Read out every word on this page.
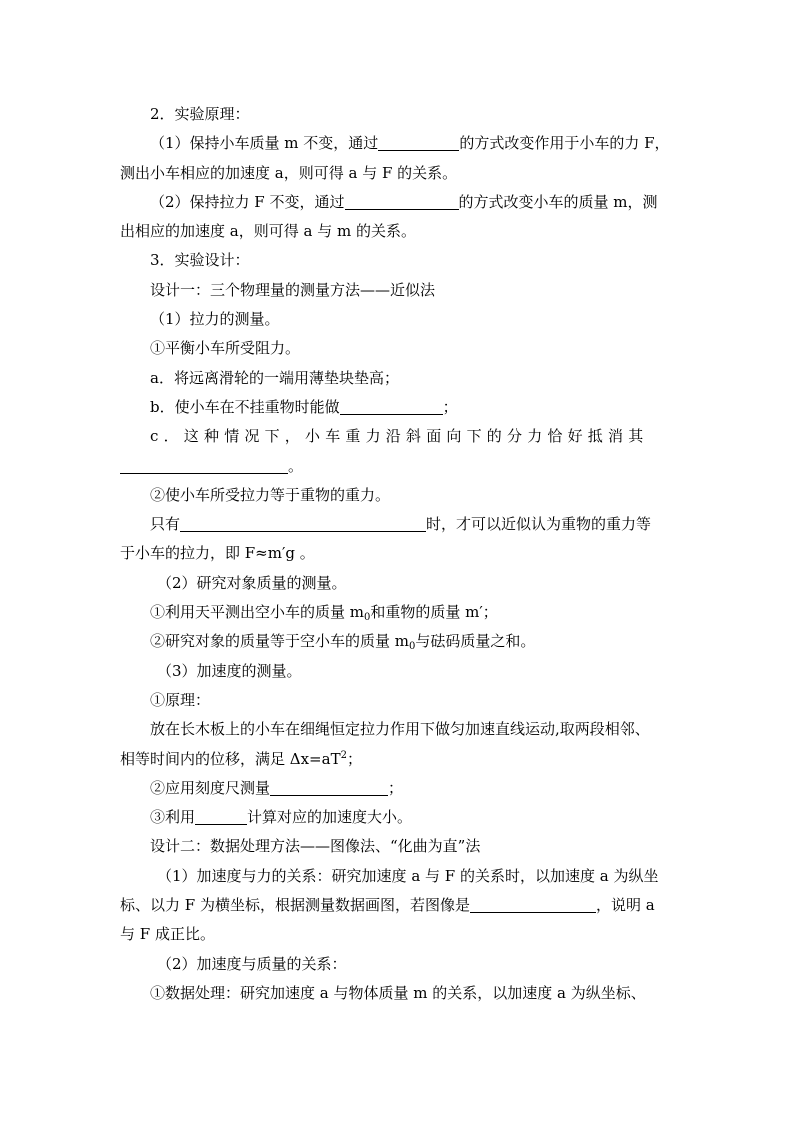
2．实验原理：

（1）保持小车质量 m 不变，通过	的方式改变作用于小车的力 F，

测出小车相应的加速度 a，则可得 a 与 F 的关系。

（2）保持拉力 F 不变，通过	的方式改变小车的质量 m，测

出相应的加速度 a，则可得 a 与 m 的关系。

3．实验设计：

设计一：三个物理量的测量方法——近似法

（1）拉力的测量。

①平衡小车所受阻力。

a．将远离滑轮的一端用薄垫块垫高；

b．使小车在不挂重物时能做	；

c．这种情况下，小车重力沿斜面向下的分力恰好抵消其

。

②使小车所受拉力等于重物的重力。

只有	时，才可以近似认为重物的重力等

于小车的拉力，即 F≈m′g 。

（2）研究对象质量的测量。

①利用天平测出空小车的质量 $m_0$和重物的质量 m′；

②研究对象的质量等于空小车的质量 $m_0$与砝码质量之和。

（3）加速度的测量。

①原理：

放在长木板上的小车在细绳恒定拉力作用下做匀加速直线运动,取两段相邻、

相等时间内的位移，满足 $\Delta x=aT^2$；

②应用刻度尺测量	；

③利用	计算对应的加速度大小。

设计二：数据处理方法——图像法、“化曲为直”法

（1）加速度与力的关系：研究加速度 a 与 F 的关系时，以加速度 a 为纵坐

标、以力 F 为横坐标，根据测量数据画图，若图像是	，说明 a

与 F 成正比。

（2）加速度与质量的关系：

①数据处理：研究加速度 a 与物体质量 m 的关系，以加速度 a 为纵坐标、
